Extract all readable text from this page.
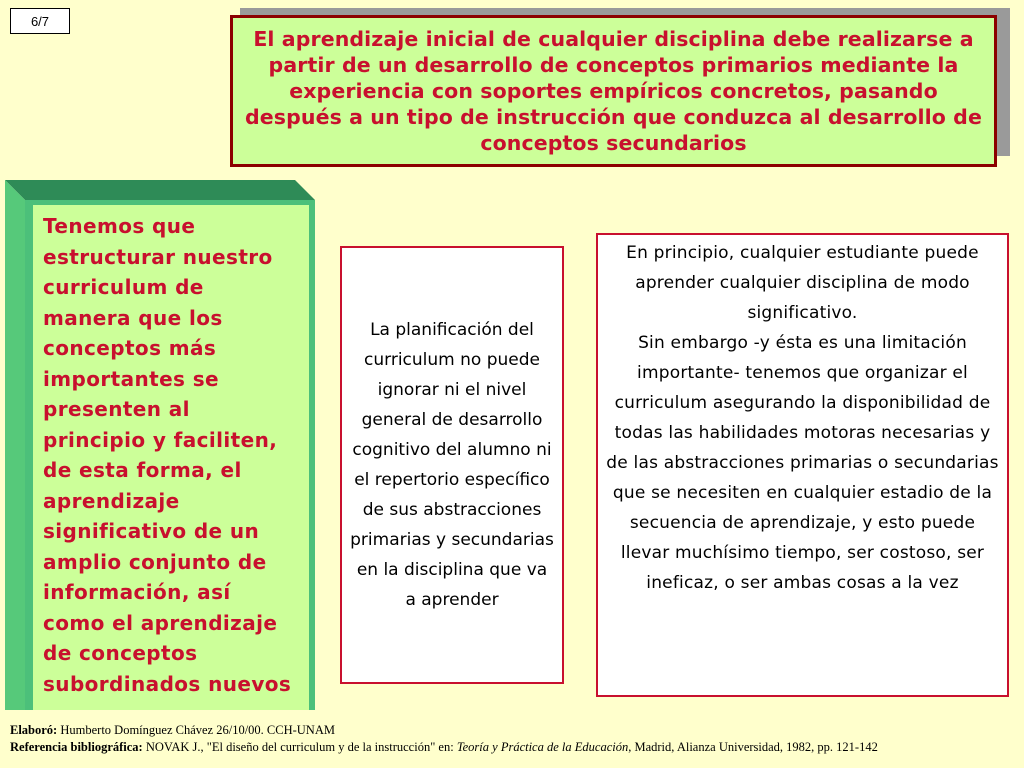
6/7
El aprendizaje inicial de cualquier disciplina debe realizarse a partir de un desarrollo de conceptos primarios mediante la experiencia con soportes empíricos concretos, pasando después a un tipo de instrucción que conduzca al desarrollo de conceptos secundarios

Tenemos que estructurar nuestro curriculum de manera que los conceptos más importantes se presenten al principio y faciliten, de esta forma, el aprendizaje significativo de un amplio conjunto de información, así como el aprendizaje de conceptos subordinados nuevos

La planificación del curriculum no puede ignorar ni el nivel general de desarrollo cognitivo del alumno ni el repertorio específico de sus abstracciones primarias y secundarias en la disciplina que va a aprender

En principio, cualquier estudiante puede aprender cualquier disciplina de modo significativo.

Sin embargo -y ésta es una limitación importante- tenemos que organizar el curriculum asegurando la disponibilidad de todas las habilidades motoras necesarias y de las abstracciones primarias o secundarias que se necesiten en cualquier estadio de la secuencia de aprendizaje, y esto puede llevar muchísimo tiempo, ser costoso, ser ineficaz, o ser ambas cosas a la vez

Elaboró: Humberto Domínguez Chávez 26/10/00. CCH-UNAM
Referencia bibliográfica: NOVAK J., "El diseño del curriculum y de la instrucción" en: Teoría y Práctica de la Educación, Madrid, Alianza Universidad, 1982, pp. 121-142
